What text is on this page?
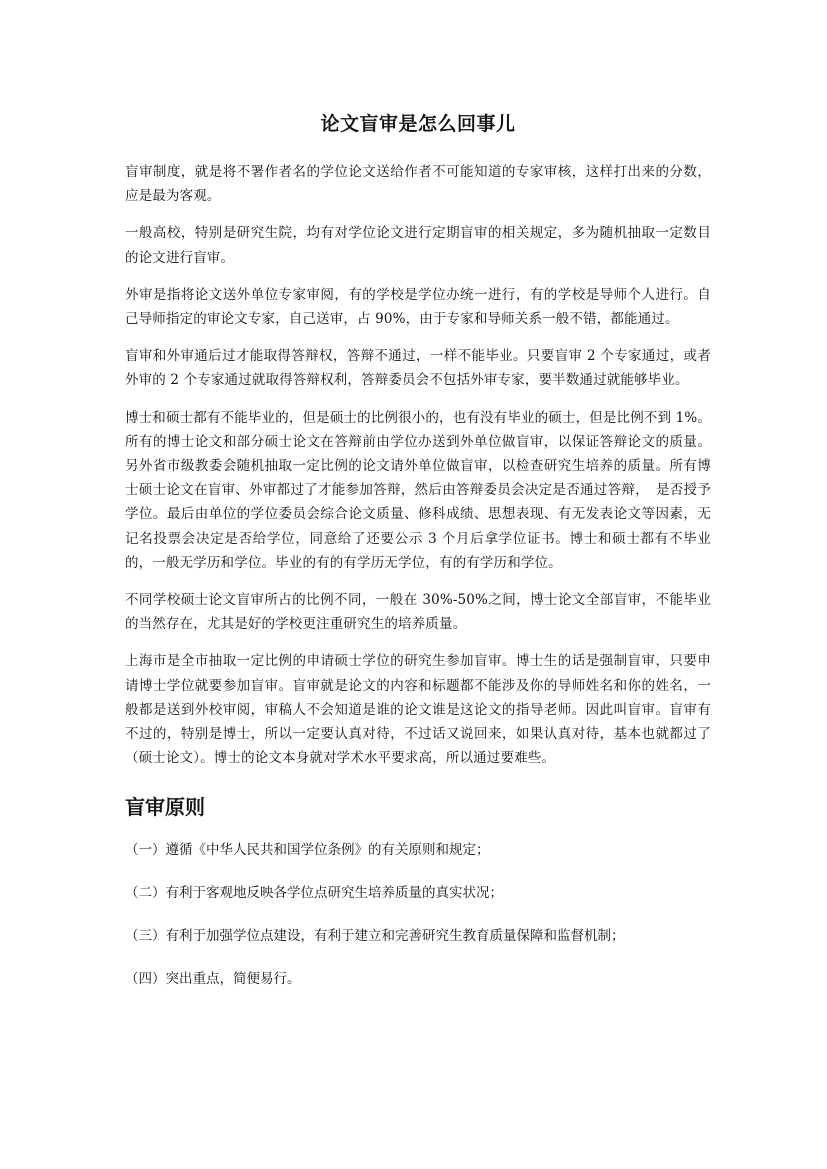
论文盲审是怎么回事儿

盲审制度，就是将不署作者名的学位论文送给作者不可能知道的专家审核，这样打出来的分数，应是最为客观。

一般高校，特别是研究生院，均有对学位论文进行定期盲审的相关规定，多为随机抽取一定数目的论文进行盲审。

外审是指将论文送外单位专家审阅，有的学校是学位办统一进行，有的学校是导师个人进行。自己导师指定的审论文专家，自己送审，占 90%，由于专家和导师关系一般不错，都能通过。

盲审和外审通后过才能取得答辩权，答辩不通过，一样不能毕业。只要盲审 2 个专家通过，或者外审的 2 个专家通过就取得答辩权利，答辩委员会不包括外审专家，要半数通过就能够毕业。

博士和硕士都有不能毕业的，但是硕士的比例很小的，也有没有毕业的硕士，但是比例不到 1%。所有的博士论文和部分硕士论文在答辩前由学位办送到外单位做盲审，以保证答辩论文的质量。另外省市级教委会随机抽取一定比例的论文请外单位做盲审，以检查研究生培养的质量。所有博士硕士论文在盲审、外审都过了才能参加答辩，然后由答辩委员会决定是否通过答辩，　是否授予学位。最后由单位的学位委员会综合论文质量、修科成绩、思想表现、有无发表论文等因素，无记名投票会决定是否给学位，同意给了还要公示 3 个月后拿学位证书。博士和硕士都有不毕业的，一般无学历和学位。毕业的有的有学历无学位，有的有学历和学位。

不同学校硕士论文盲审所占的比例不同，一般在 30%-50%之间，博士论文全部盲审，不能毕业的当然存在，尤其是好的学校更注重研究生的培养质量。

上海市是全市抽取一定比例的申请硕士学位的研究生参加盲审。博士生的话是强制盲审，只要申请博士学位就要参加盲审。盲审就是论文的内容和标题都不能涉及你的导师姓名和你的姓名，一般都是送到外校审阅，审稿人不会知道是谁的论文谁是这论文的指导老师。因此叫盲审。盲审有不过的，特别是博士，所以一定要认真对待，不过话又说回来，如果认真对待，基本也就都过了（硕士论文）。博士的论文本身就对学术水平要求高，所以通过要难些。

盲审原则
（一）遵循《中华人民共和国学位条例》的有关原则和规定；
（二）有利于客观地反映各学位点研究生培养质量的真实状况；
（三）有利于加强学位点建设，有利于建立和完善研究生教育质量保障和监督机制；
（四）突出重点，简便易行。
